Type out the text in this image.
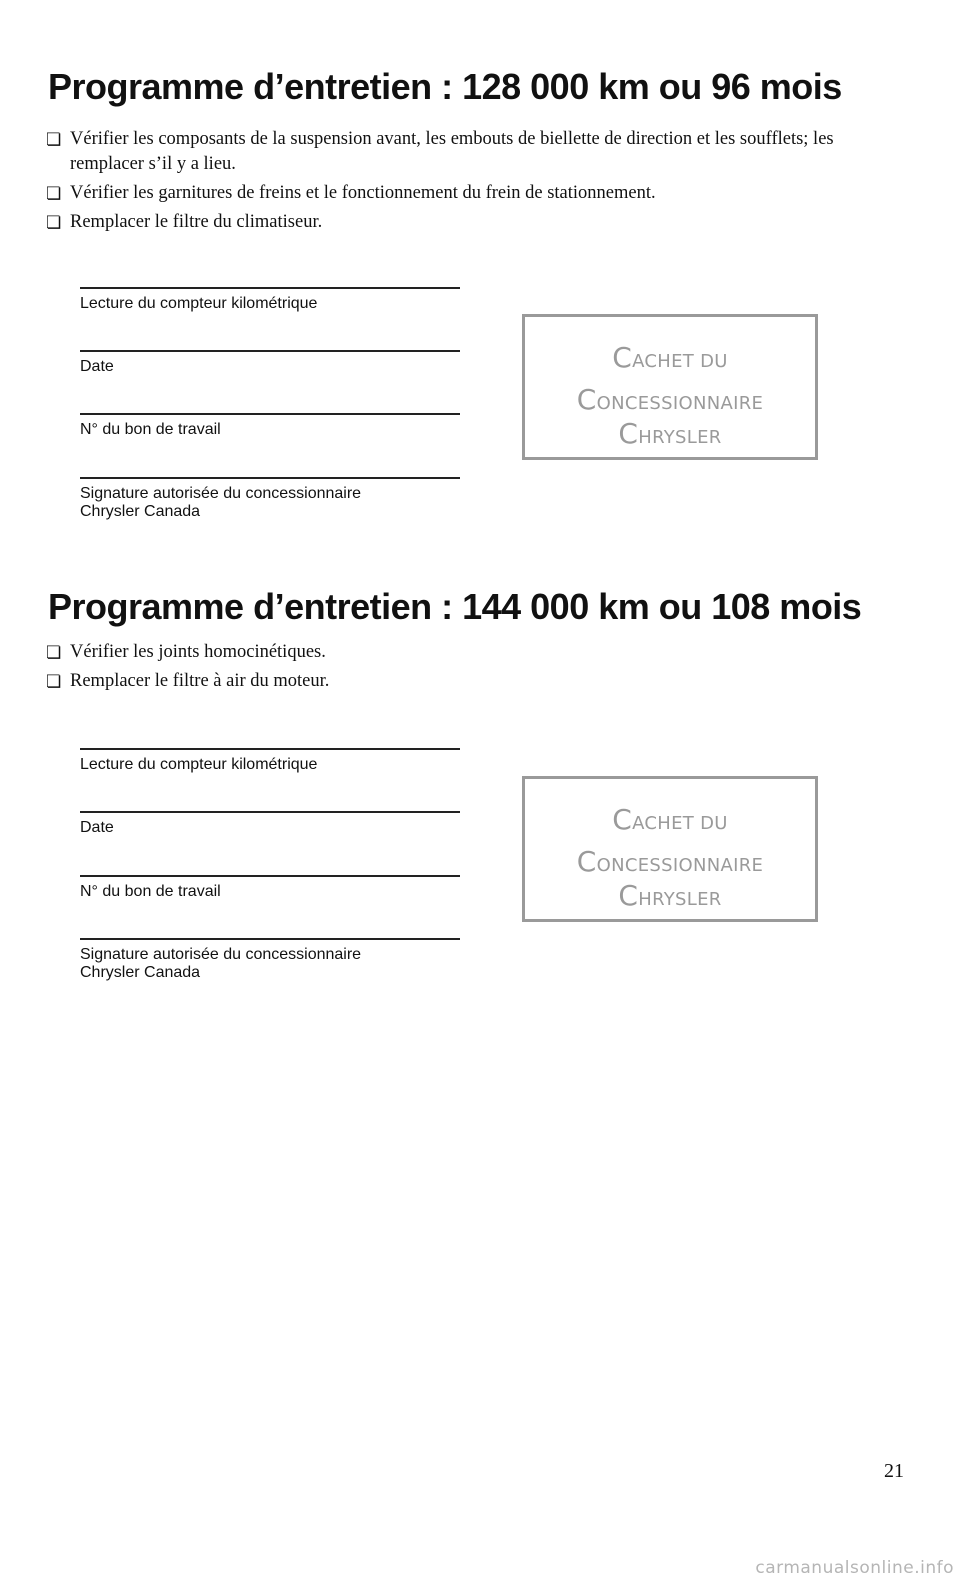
Programme d’entretien : 128 000 km ou 96 mois
❏ Vérifier les composants de la suspension avant, les embouts de biellette de direction et les soufflets; les remplacer s’il y a lieu.
❏ Vérifier les garnitures de freins et le fonctionnement du frein de stationnement.
❏ Remplacer le filtre du climatiseur.
Lecture du compteur kilométrique
Date
N° du bon de travail
Signature autorisée du concessionnaire Chrysler Canada
CACHET DU
CONCESSIONNAIRE
CHRYSLER
Programme d’entretien : 144 000 km ou 108 mois
❏ Vérifier les joints homocinétiques.
❏ Remplacer le filtre à air du moteur.
Lecture du compteur kilométrique
Date
N° du bon de travail
Signature autorisée du concessionnaire Chrysler Canada
CACHET DU
CONCESSIONNAIRE
CHRYSLER
21
carmanualsonline.info
